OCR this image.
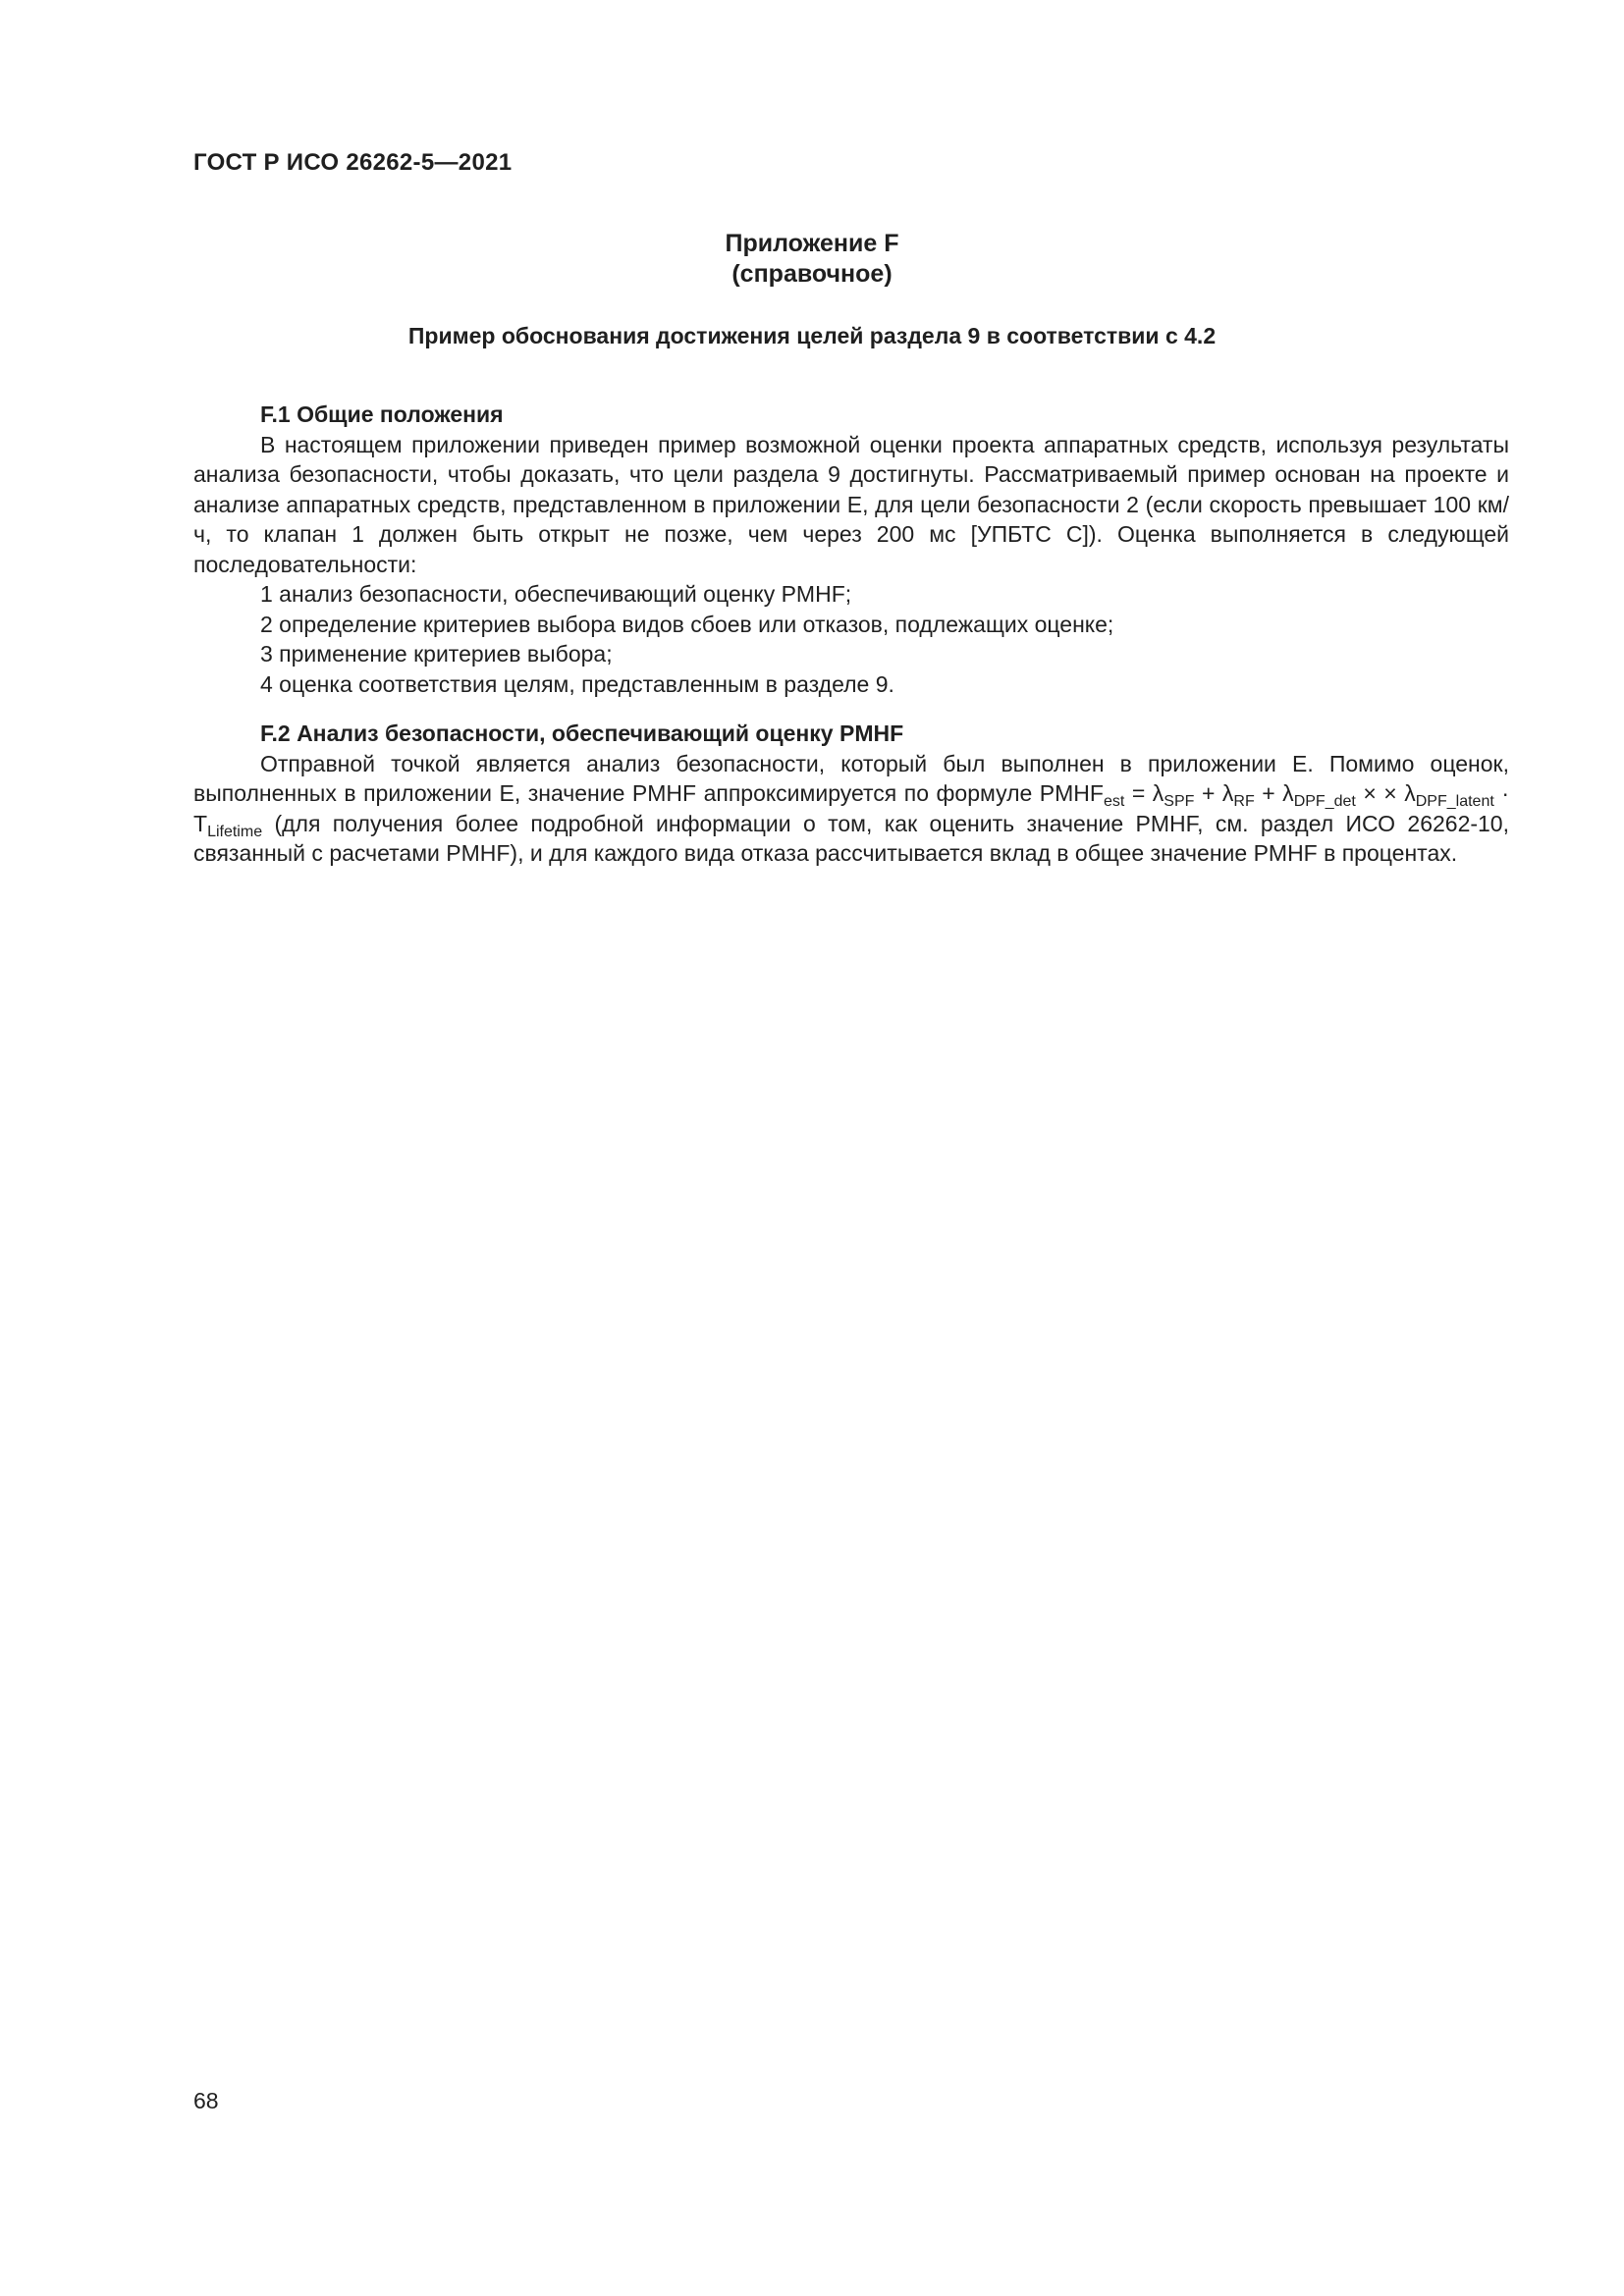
ГОСТ Р ИСО 26262-5—2021
Приложение F
(справочное)
Пример обоснования достижения целей раздела 9 в соответствии с 4.2

F.1 Общие положения

В настоящем приложении приведен пример возможной оценки проекта аппаратных средств, используя результаты анализа безопасности, чтобы доказать, что цели раздела 9 достигнуты. Рассматриваемый пример основан на проекте и анализе аппаратных средств, представленном в приложении E, для цели безопасности 2 (если скорость превышает 100 км/ч, то клапан 1 должен быть открыт не позже, чем через 200 мс [УПБТС C]). Оценка выполняется в следующей последовательности:

1 анализ безопасности, обеспечивающий оценку PMHF;

2 определение критериев выбора видов сбоев или отказов, подлежащих оценке;

3 применение критериев выбора;

4 оценка соответствия целям, представленным в разделе 9.

F.2 Анализ безопасности, обеспечивающий оценку PMHF

Отправной точкой является анализ безопасности, который был выполнен в приложении E. Помимо оценок, выполненных в приложении E, значение PMHF аппроксимируется по формуле $PMHF_{est} = \lambda_{SPF} + \lambda_{RF} + \lambda_{DPF\_det}$ × × $\lambda_{DPF\_latent} \cdot T_{Lifetime}$ (для получения более подробной информации о том, как оценить значение PMHF, см. раздел ИСО 26262-10, связанный с расчетами PMHF), и для каждого вида отказа рассчитывается вклад в общее значение PMHF в процентах.

68
